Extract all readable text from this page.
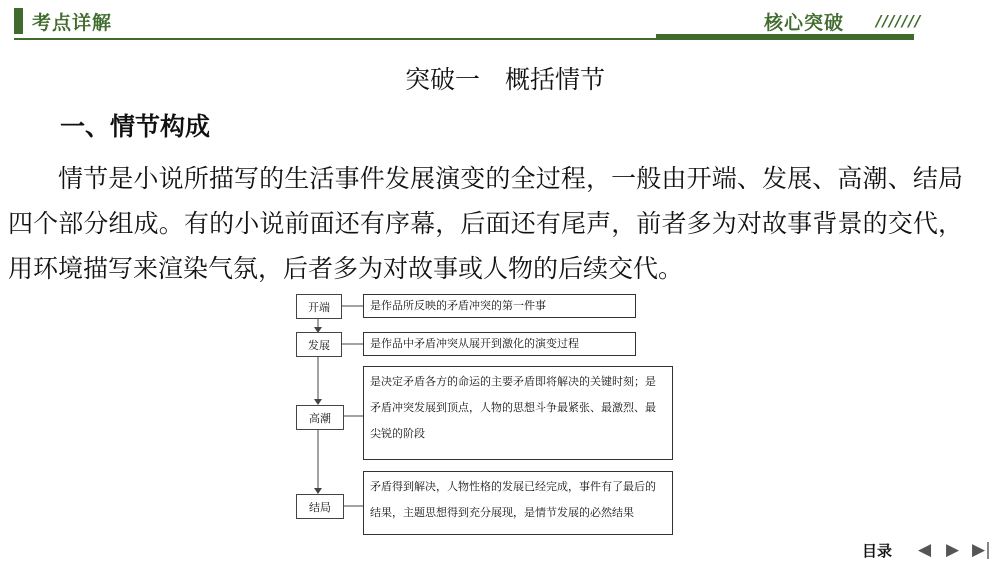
考点详解	核心突破 ///////
突破一　概括情节
一、情节构成
情节是小说所描写的生活事件发展演变的全过程，一般由开端、发展、高潮、结局四个部分组成。有的小说前面还有序幕，后面还有尾声，前者多为对故事背景的交代，用环境描写来渲染气氛，后者多为对故事或人物的后续交代。
开端	是作品所反映的矛盾冲突的第一件事
发展	是作品中矛盾冲突从展开到激化的演变过程
高潮
是决定矛盾各方的命运的主要矛盾即将解决的关键时刻；是矛盾冲突发展到顶点，人物的思想斗争最紧张、最激烈、最尖锐的阶段
结局
矛盾得到解决，人物性格的发展已经完成，事件有了最后的结果，主题思想得到充分展现，是情节发展的必然结果
目录 ◀ ▶ ▶|
